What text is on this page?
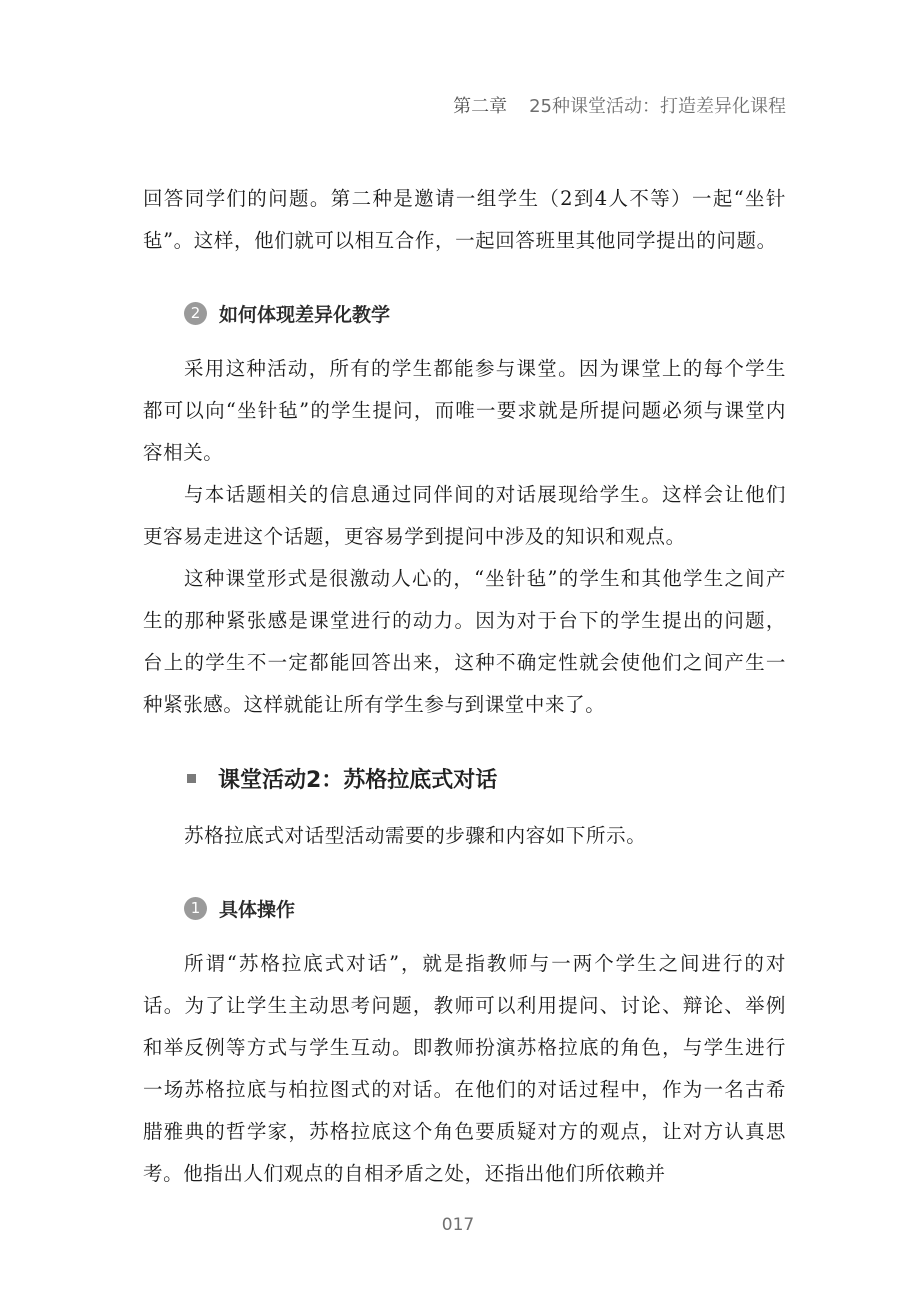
第二章 25种课堂活动：打造差异化课程

回答同学们的问题。第二种是邀请一组学生（2到4人不等）一起“坐针毡”。这样，他们就可以相互合作，一起回答班里其他同学提出的问题。

2 如何体现差异化教学

采用这种活动，所有的学生都能参与课堂。因为课堂上的每个学生都可以向“坐针毡”的学生提问，而唯一要求就是所提问题必须与课堂内容相关。

与本话题相关的信息通过同伴间的对话展现给学生。这样会让他们更容易走进这个话题，更容易学到提问中涉及的知识和观点。

这种课堂形式是很激动人心的，“坐针毡”的学生和其他学生之间产生的那种紧张感是课堂进行的动力。因为对于台下的学生提出的问题，台上的学生不一定都能回答出来，这种不确定性就会使他们之间产生一种紧张感。这样就能让所有学生参与到课堂中来了。

课堂活动2：苏格拉底式对话

苏格拉底式对话型活动需要的步骤和内容如下所示。

1 具体操作

所谓“苏格拉底式对话”，就是指教师与一两个学生之间进行的对话。为了让学生主动思考问题，教师可以利用提问、讨论、辩论、举例和举反例等方式与学生互动。即教师扮演苏格拉底的角色，与学生进行一场苏格拉底与柏拉图式的对话。在他们的对话过程中，作为一名古希腊雅典的哲学家，苏格拉底这个角色要质疑对方的观点，让对方认真思考。他指出人们观点的自相矛盾之处，还指出他们所依赖并

017
